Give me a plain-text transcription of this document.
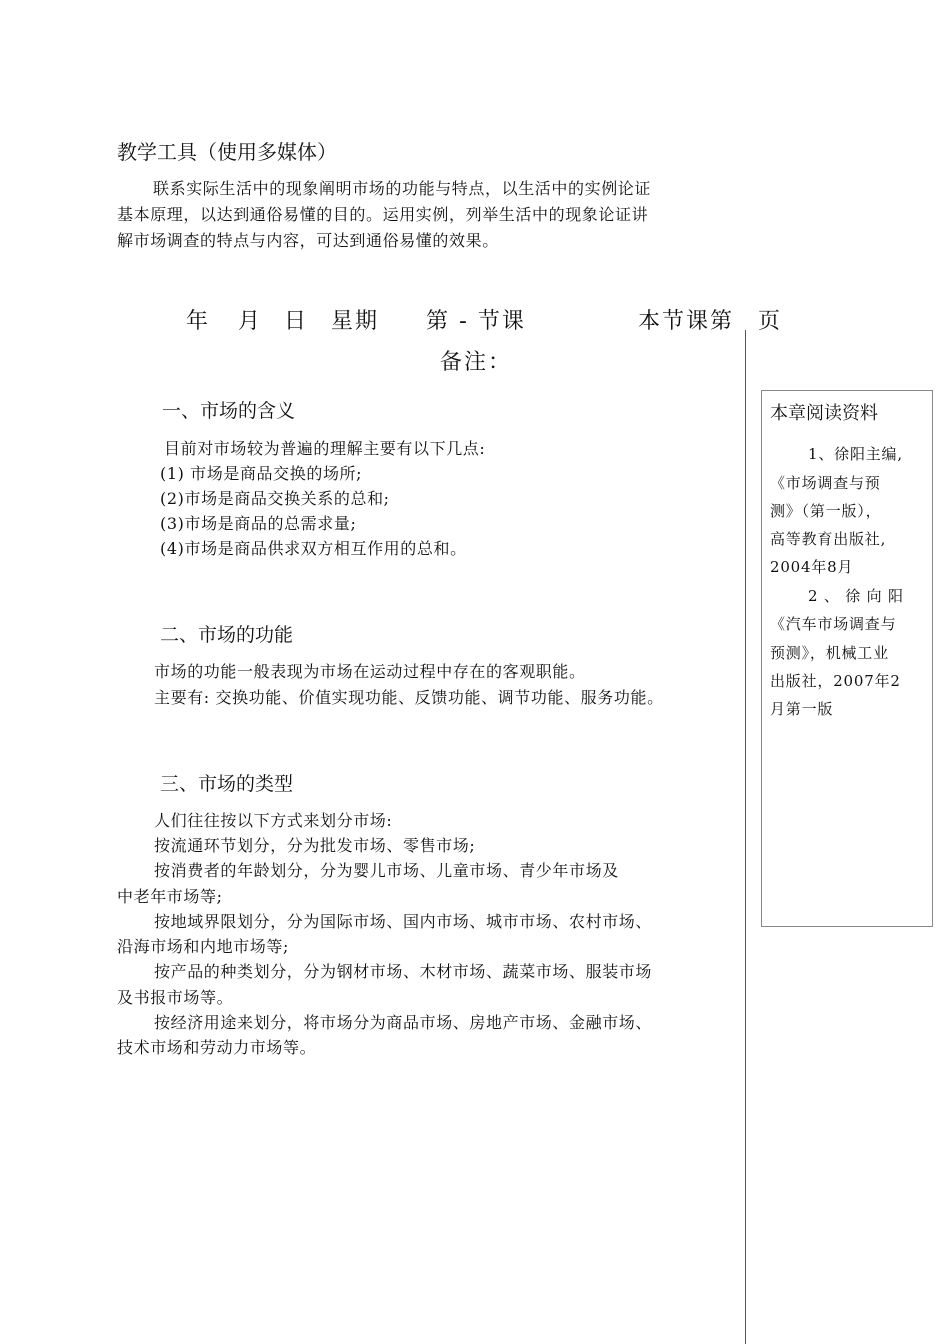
教学工具（使用多媒体）
联系实际生活中的现象阐明市场的功能与特点，以生活中的实例论证
基本原理，以达到通俗易懂的目的。运用实例，列举生活中的现象论证讲
解市场调查的特点与内容，可达到通俗易懂的效果。
年 月 日 星期 第 - 节课	本节课第 页
备注：
一、市场的含义
目前对市场较为普遍的理解主要有以下几点:
(1) 市场是商品交换的场所;
(2)市场是商品交换关系的总和;
(3)市场是商品的总需求量;
(4)市场是商品供求双方相互作用的总和。
二、市场的功能
市场的功能一般表现为市场在运动过程中存在的客观职能。
主要有: 交换功能、价值实现功能、反馈功能、调节功能、服务功能。
三、市场的类型
人们往往按以下方式来划分市场:
按流通环节划分，分为批发市场、零售市场;
按消费者的年龄划分，分为婴儿市场、儿童市场、青少年市场及
中老年市场等;
按地域界限划分，分为国际市场、国内市场、城市市场、农村市场、
沿海市场和内地市场等;
按产品的种类划分，分为钢材市场、木材市场、蔬菜市场、服装市场
及书报市场等。
按经济用途来划分，将市场分为商品市场、房地产市场、金融市场、
技术市场和劳动力市场等。
本章阅读资料
1、徐阳主编,
《市场调查与预
测》（第一版），
高等教育出版社,
2004年8月
2 、 徐 向 阳
《汽车市场调查与
预测》，机械工业
出版社，2007年2
月第一版
